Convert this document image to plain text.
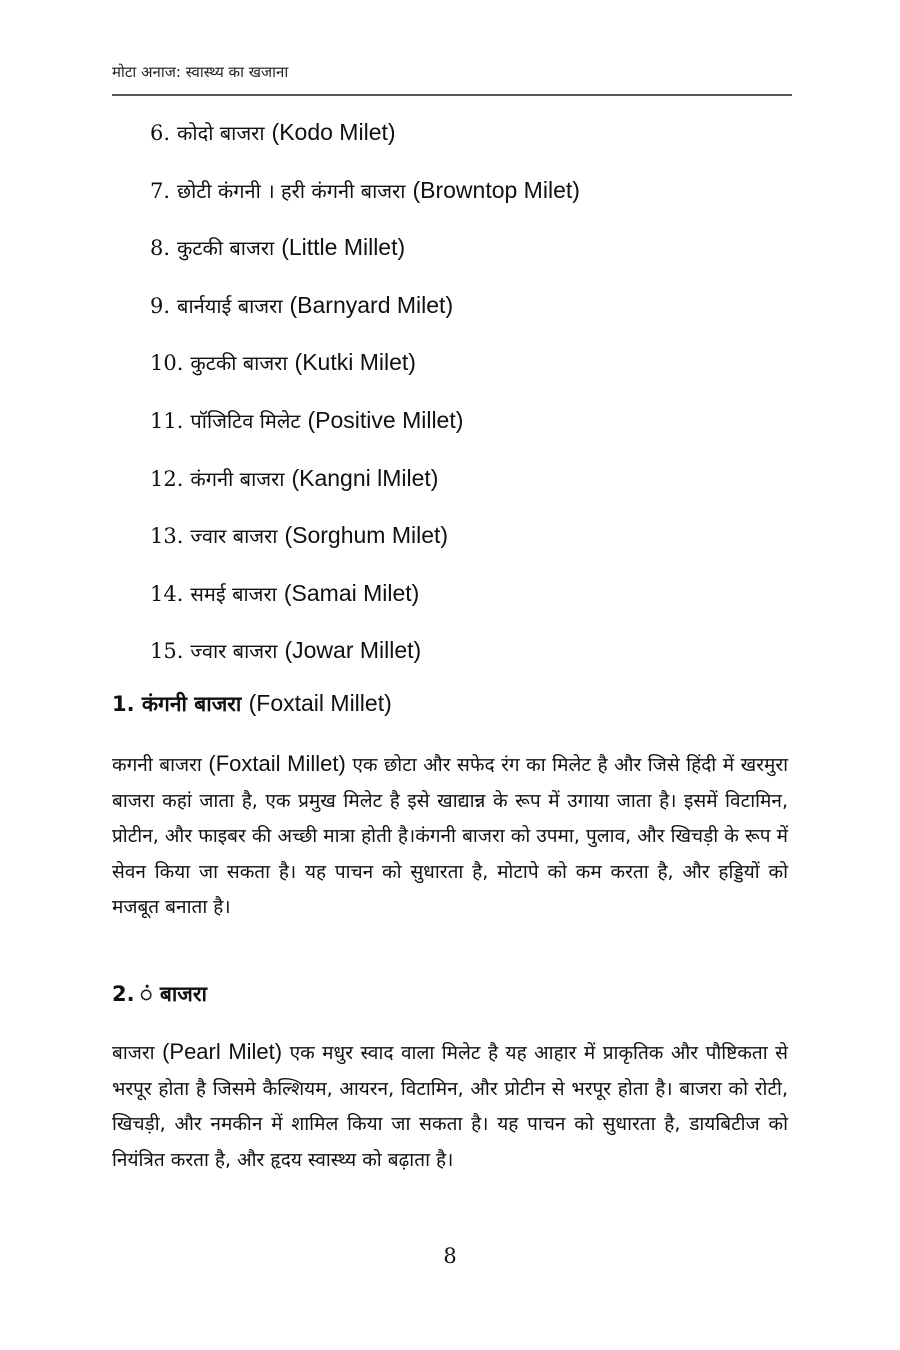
मोटा अनाज: स्वास्थ्य का खजाना
6. कोदो बाजरा (Kodo Milet)
7. छोटी कंगनी । हरी कंगनी बाजरा (Browntop Milet)
8. कुटकी बाजरा (Little Millet)
9. बार्नयाई बाजरा (Barnyard Milet)
10. कुटकी बाजरा (Kutki Milet)
11. पॉजिटिव मिलेट (Positive Millet)
12. कंगनी बाजरा (Kangni lMilet)
13. ज्वार बाजरा (Sorghum Milet)
14. समई बाजरा (Samai Milet)
15. ज्वार बाजरा (Jowar Millet)
1. कंगनी बाजरा (Foxtail Millet)

कगनी बाजरा (Foxtail Millet) एक छोटा और सफेद रंग का मिलेट है और जिसे हिंदी में खरमुरा बाजरा कहां जाता है, एक प्रमुख मिलेट है इसे खाद्यान्न के रूप में उगाया जाता है। इसमें विटामिन, प्रोटीन, और फाइबर की अच्छी मात्रा होती है।कंगनी बाजरा को उपमा, पुलाव, और खिचड़ी के रूप में सेवन किया जा सकता है। यह पाचन को सुधारता है, मोटापे को कम करता है, और हड्डियों को मजबूत बनाता है।

2. ं बाजरा

बाजरा (Pearl Milet) एक मधुर स्वाद वाला मिलेट है यह आहार में प्राकृतिक और पौष्टिकता से भरपूर होता है जिसमे कैल्शियम, आयरन, विटामिन, और प्रोटीन से भरपूर होता है। बाजरा को रोटी, खिचड़ी, और नमकीन में शामिल किया जा सकता है। यह पाचन को सुधारता है, डायबिटीज को नियंत्रित करता है, और हृदय स्वास्थ्य को बढ़ाता है।

8
